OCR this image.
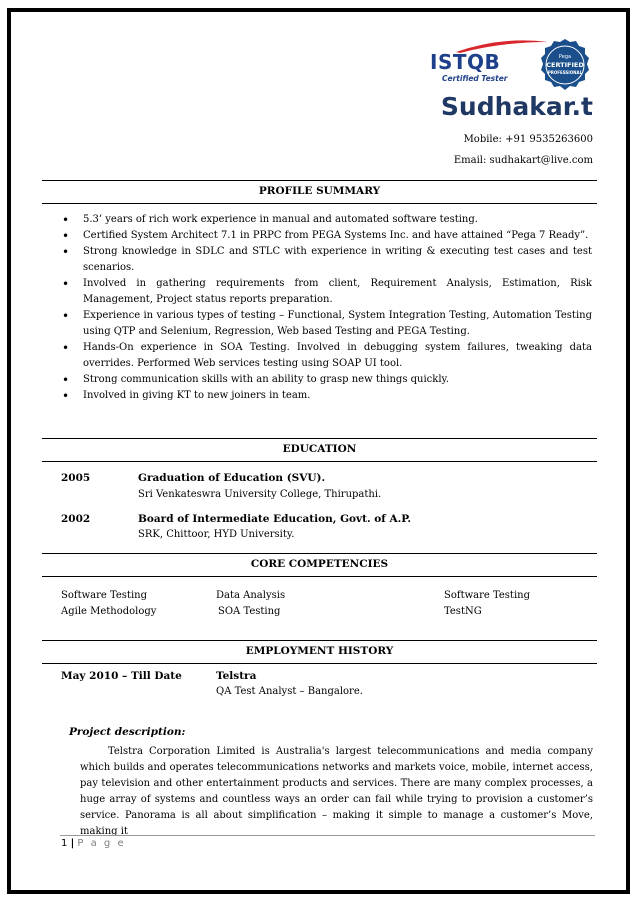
ISTQB
Certified Tester
Pega
CERTIFIED
PROFESSIONAL
Sudhakar.t
Mobile: +91 9535263600
Email: sudhakart@live.com
PROFILE SUMMARY
• 5.3’ years of rich work experience in manual and automated software testing.
• Certified System Architect 7.1 in PRPC from PEGA Systems Inc. and have attained “Pega 7 Ready”.
• Strong knowledge in SDLC and STLC with experience in writing & executing test cases and test scenarios.
• Involved in gathering requirements from client, Requirement Analysis, Estimation, Risk Management, Project status reports preparation.
• Experience in various types of testing – Functional, System Integration Testing, Automation Testing using QTP and Selenium, Regression, Web based Testing and PEGA Testing.
• Hands-On experience in SOA Testing. Involved in debugging system failures, tweaking data overrides. Performed Web services testing using SOAP UI tool.
• Strong communication skills with an ability to grasp new things quickly.
• Involved in giving KT to new joiners in team.
EDUCATION
2005	Graduation of Education (SVU).
Sri Venkateswra University College, Thirupathi.
2002	Board of Intermediate Education, Govt. of A.P.
SRK, Chittoor, HYD University.
CORE COMPETENCIES
Software Testing	Data Analysis	Software Testing
Agile Methodology	SOA Testing	TestNG
EMPLOYMENT HISTORY
May 2010 – Till Date	Telstra
QA Test Analyst – Bangalore.
Project description:

Telstra Corporation Limited is Australia's largest telecommunications and media company which builds and operates telecommunications networks and markets voice, mobile, internet access, pay television and other entertainment products and services. There are many complex processes, a huge array of systems and countless ways an order can fail while trying to provision a customer’s service. Panorama is all about simplification – making it simple to manage a customer’s Move, making it

1 | P a g e
